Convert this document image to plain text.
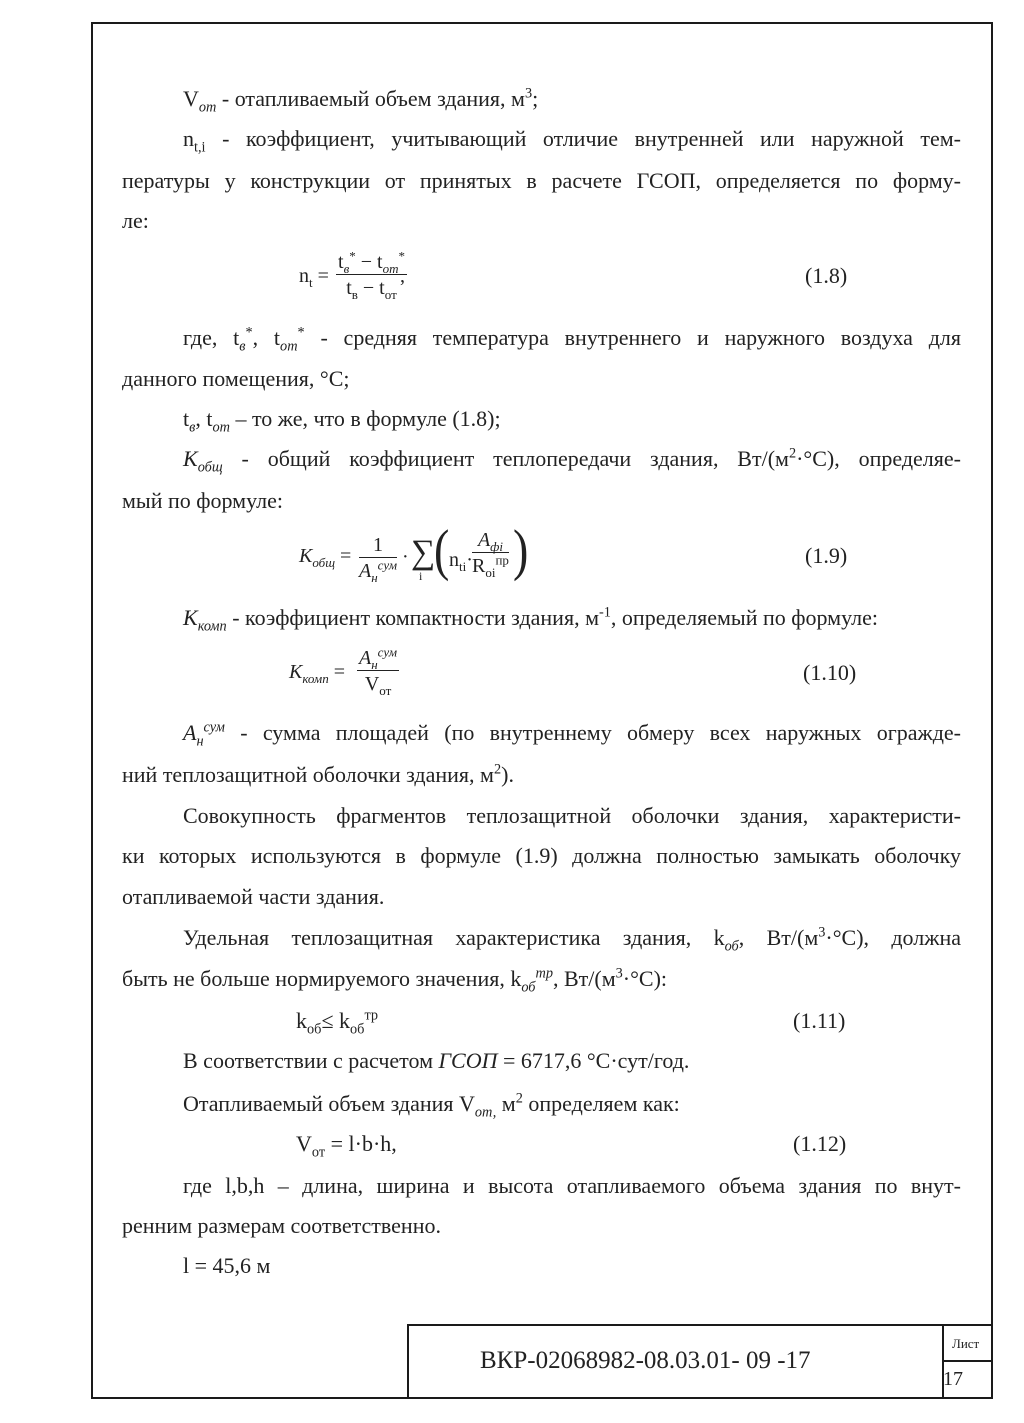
$V_{от}$ - отапливаемый объем здания, $м^3$;
$n_{t,i}$ - коэффициент, учитывающий отличие внутренней или наружной тем-
пературы у конструкции от принятых в расчете ГСОП, определяется по форму-
ле:
$n_t$ =
$t_в^* - t_{от}^*$
$t_в - t_{от}$
,	(1.8)
где, $t_в^*$, $t_{от}^*$ - средняя температура внутреннего и наружного воздуха для
данного помещения, °С;
$t_в$, $t_{от}$ – то же, что в формуле (1.8);
$K_{общ}$ - общий коэффициент теплопередачи здания, $Вт/(м^2\cdot^\circ С)$, определяе-
мый по формуле:
$K_{общ}$ =	1
$A_н^{сум}$ · ∑
i ( $n_{ti}\cdot$
$A_{фi}$
$R_{oi}^{пр}$ )	(1.9)
$K_{комп}$ - коэффициент компактности здания, $м^{-1}$, определяемый по формуле:
$K_{комп}$ =
$A_н^{сум}$
$V_{от}$
(1.10)
$A_н^{сум}$ - сумма площадей (по внутреннему обмеру всех наружных огражде-
ний теплозащитной оболочки здания, $м^2$).
Совокупность фрагментов теплозащитной оболочки здания, характеристи-
ки которых используются в формуле (1.9) должна полностью замыкать оболочку
отапливаемой части здания.
Удельная теплозащитная характеристика здания, $k_{об}$, $Вт/(м^3\cdot^\circ С)$, должна
быть не больше нормируемого значения, $k_{об}^{тр}$, $Вт/(м^3\cdot^\circ С)$:
$k_{об}\le k_{об}^{тр}$	(1.11)
В соответствии с расчетом ГСОП = 6717,6 °С·сут/год.
Отапливаемый объем здания $V_{от,}$ $м^2$ определяем как:
$V_{от} = l\cdot b\cdot h$,	(1.12)
где l,b,h – длина, ширина и высота отапливаемого объема здания по внут-
ренним размерам соответственно.
l = 45,6 м
ВКР-02068982-08.03.01- 09 -17
Лист
17
